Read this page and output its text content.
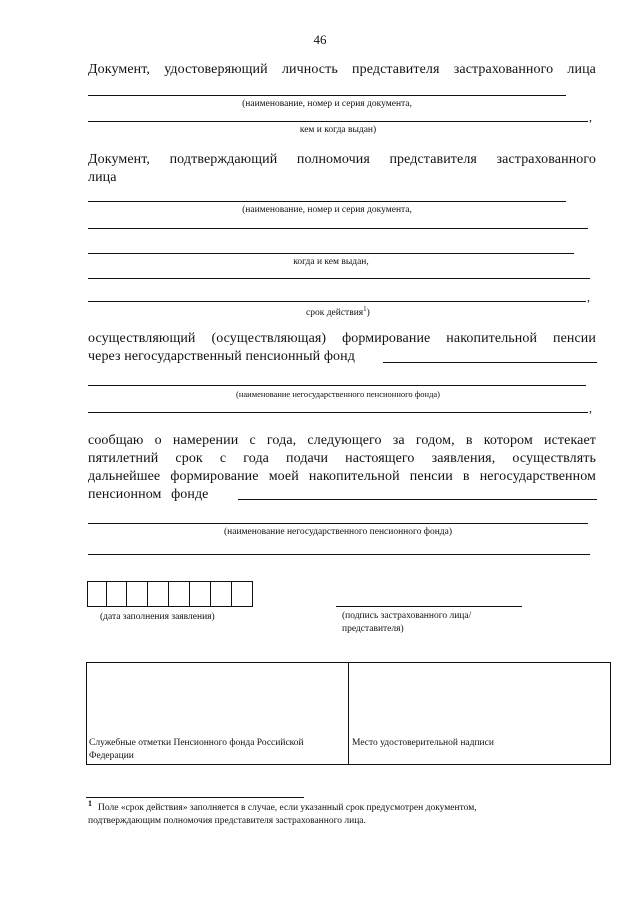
46
Документ, удостоверяющий личность представителя застрахованного лица
(наименование, номер и серия документа,
,
кем и когда выдан)
Документ, подтверждающий полномочия представителя застрахованного
лица
(наименование, номер и серия документа,
когда и кем выдан,
,
срок действия$^1$)
осуществляющий (осуществляющая) формирование накопительной пенсии
через негосударственный пенсионный фонд
(наименование негосударственного пенсионного фонда)
,
сообщаю о намерении с года, следующего за годом, в котором истекает
пятилетний срок с года подачи настоящего заявления, осуществлять
дальнейшее формирование моей накопительной пенсии в негосударственном
пенсионном фонде
(наименование негосударственного пенсионного фонда)
(дата заполнения заявления)	(подпись застрахованного лица/
представителя)
Служебные отметки Пенсионного фонда Российской
Федерации
Место удостоверительной надписи
1 Поле «срок действия» заполняется в случае, если указанный срок предусмотрен документом,
подтверждающим полномочия представителя застрахованного лица.
